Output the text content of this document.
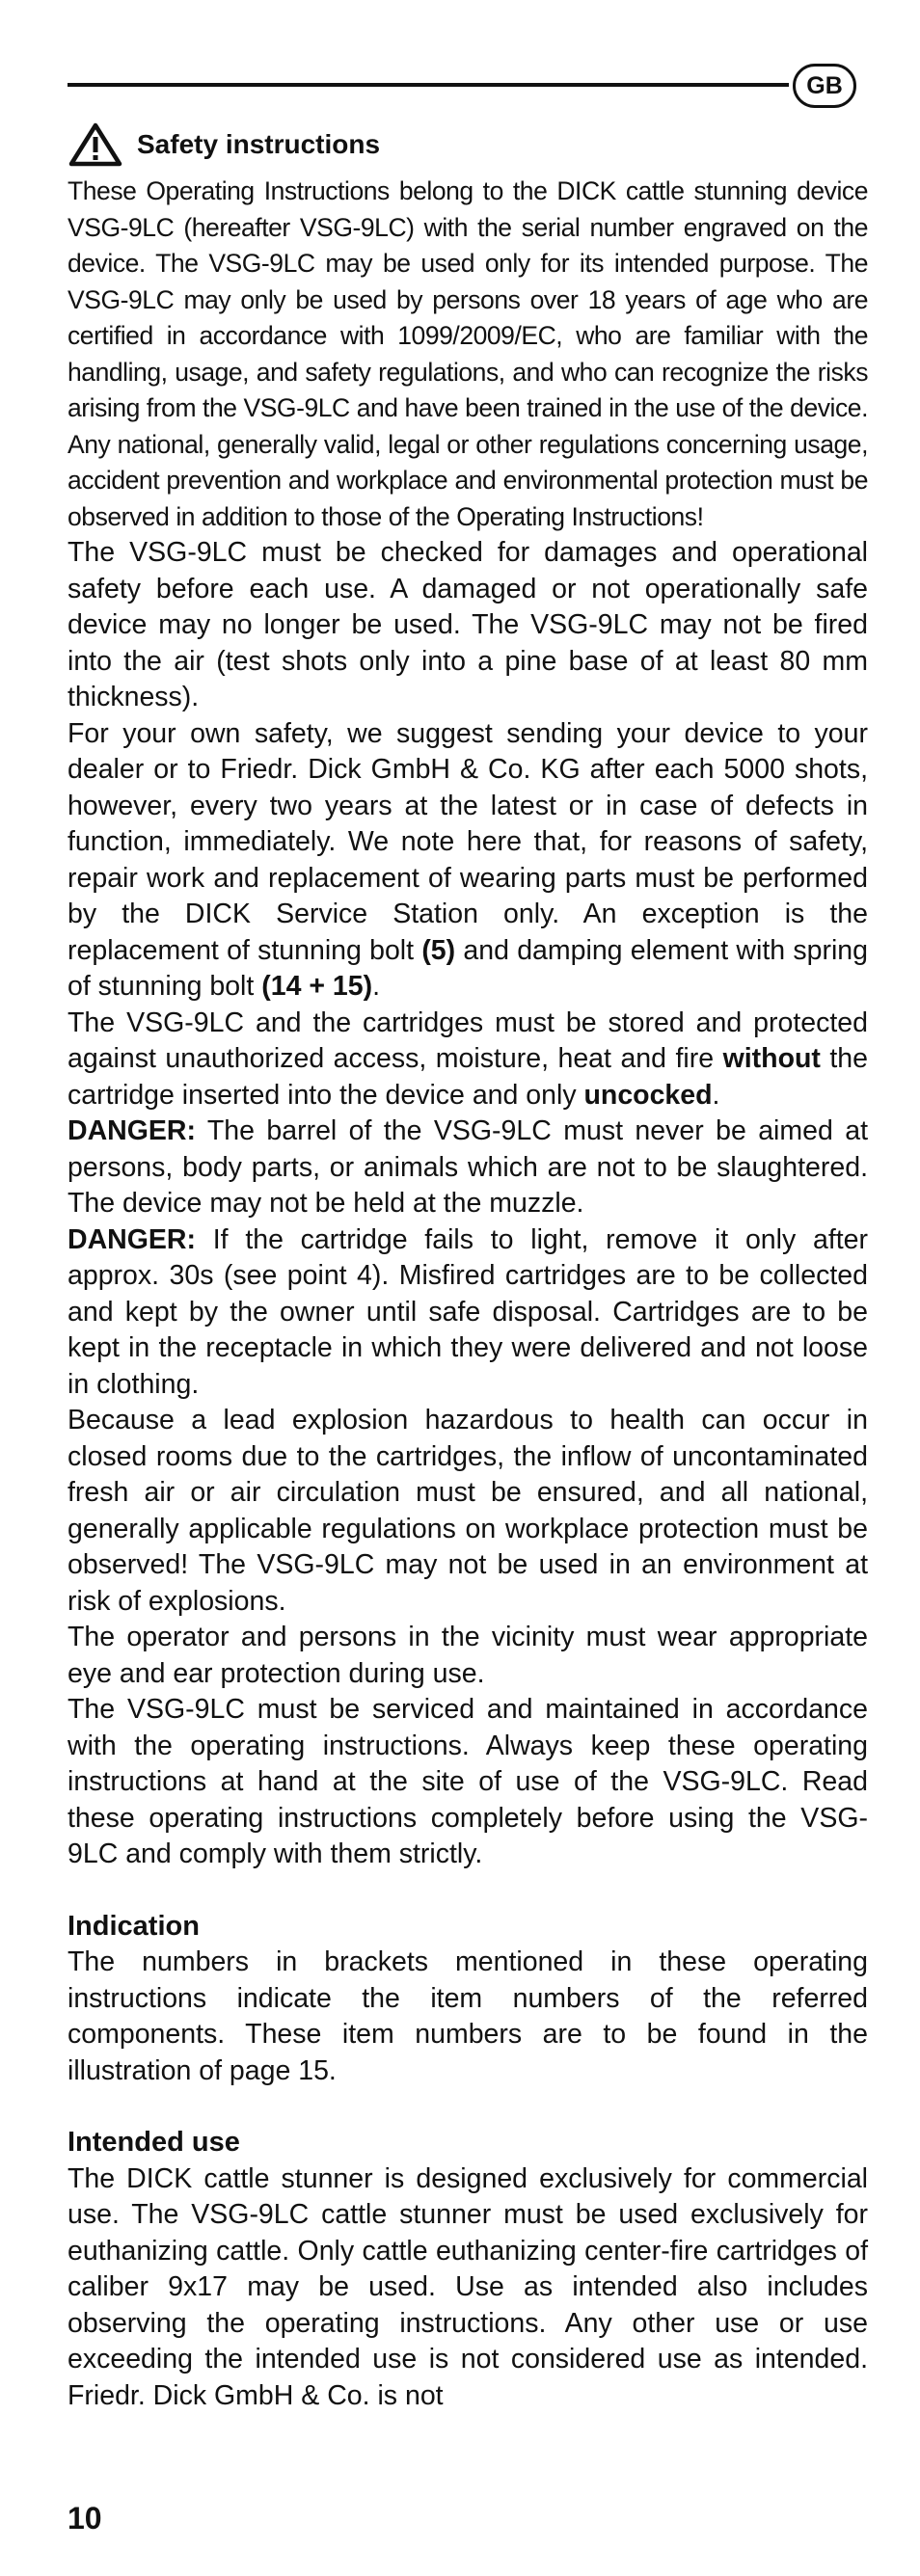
GB
Safety instructions

These Operating Instructions belong to the DICK cattle stunning device VSG-9LC (hereafter VSG-9LC) with the serial number engraved on the device. The VSG-9LC may be used only for its intended purpose. The VSG-9LC may only be used by persons over 18 years of age who are certified in accordance with 1099/2009/EC, who are familiar with the handling, usage, and safety regulations, and who can recognize the risks arising from the VSG-9LC and have been trained in the use of the device. Any national, generally valid, legal or other regulations concerning usage, accident prevention and workplace and environmental protection must be observed in addition to those of the Operating Instructions!

The VSG-9LC must be checked for damages and operational safety before each use. A damaged or not operationally safe device may no longer be used. The VSG-9LC may not be fired into the air (test shots only into a pine base of at least 80 mm thickness).

For your own safety, we suggest sending your device to your dealer or to Friedr. Dick GmbH & Co. KG after each 5000 shots, however, every two years at the latest or in case of defects in function, immediately. We note here that, for reasons of safety, repair work and replacement of wearing parts must be performed by the DICK Service Station only. An exception is the replacement of stunning bolt (5) and damping element with spring of stunning bolt (14 + 15).

The VSG-9LC and the cartridges must be stored and protected against unauthorized access, moisture, heat and fire without the cartridge inserted into the device and only uncocked.

DANGER: The barrel of the VSG-9LC must never be aimed at persons, body parts, or animals which are not to be slaughtered. The device may not be held at the muzzle.

DANGER: If the cartridge fails to light, remove it only after approx. 30s (see point 4). Misfired cartridges are to be collected and kept by the owner until safe disposal. Cartridges are to be kept in the receptacle in which they were delivered and not loose in clothing.

Because a lead explosion hazardous to health can occur in closed rooms due to the cartridges, the inflow of uncontaminated fresh air or air circulation must be ensured, and all national, generally applicable regulations on workplace protection must be observed! The VSG-9LC may not be used in an environment at risk of explosions.

The operator and persons in the vicinity must wear appropriate eye and ear protection during use.

The VSG-9LC must be serviced and maintained in accordance with the operating instructions. Always keep these operating instructions at hand at the site of use of the VSG-9LC. Read these operating instructions completely before using the VSG-9LC and comply with them strictly.

Indication

The numbers in brackets mentioned in these operating instructions indicate the item numbers of the referred components. These item numbers are to be found in the illustration of page 15.

Intended use

The DICK cattle stunner is designed exclusively for commercial use. The VSG-9LC cattle stunner must be used exclusively for euthanizing cattle. Only cattle euthanizing center-fire cartridges of caliber 9x17 may be used. Use as intended also includes observing the operating instructions. Any other use or use exceeding the intended use is not considered use as intended. Friedr. Dick GmbH & Co. is not

10
